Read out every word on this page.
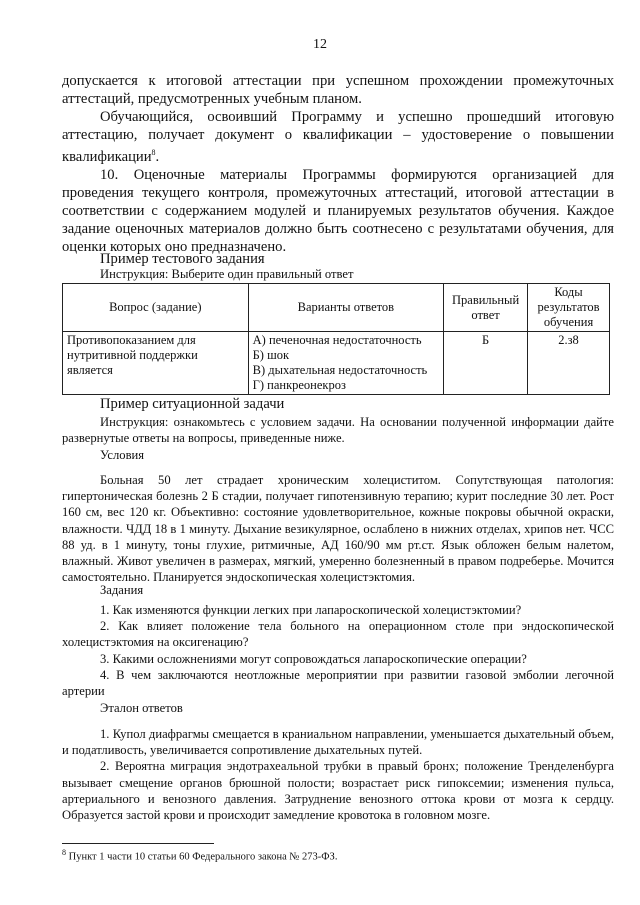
12

допускается к итоговой аттестации при успешном прохождении промежуточных аттестаций, предусмотренных учебным планом.

Обучающийся, освоивший Программу и успешно прошедший итоговую аттестацию, получает документ о квалификации – удостоверение о повышении квалификации$^8$.

10. Оценочные материалы Программы формируются организацией для проведения текущего контроля, промежуточных аттестаций, итоговой аттестации в соответствии с содержанием модулей и планируемых результатов обучения. Каждое задание оценочных материалов должно быть соотнесено с результатами обучения, для оценки которых оно предназначено.

Пример тестового задания
Инструкция: Выберите один правильный ответ
Вопрос (задание)	Варианты ответов	Правильный ответ	Коды результатов обучения
Противопоказанием для нутритивной поддержки является	А) печеночная недостаточность
Б) шок
В) дыхательная недостаточность
Г) панкреонекроз	Б	2.з8
Пример ситуационной задачи
Инструкция: ознакомьтесь с условием задачи. На основании полученной информации дайте развернутые ответы на вопросы, приведенные ниже.
Условия
Больная 50 лет страдает хроническим холециститом. Сопутствующая патология: гипертоническая болезнь 2 Б стадии, получает гипотензивную терапию; курит последние 30 лет. Рост 160 см, вес 120 кг. Объективно: состояние удовлетворительное, кожные покровы обычной окраски, влажности. ЧДД 18 в 1 минуту. Дыхание везикулярное, ослаблено в нижних отделах, хрипов нет. ЧСС 88 уд. в 1 минуту, тоны глухие, ритмичные, АД 160/90 мм рт.ст. Язык обложен белым налетом, влажный. Живот увеличен в размерах, мягкий, умеренно болезненный в правом подреберье. Мочится самостоятельно. Планируется эндоскопическая холецистэктомия.
Задания

1. Как изменяются функции легких при лапароскопической холецистэктомии?

2. Как влияет положение тела больного на операционном столе при эндоскопической холецистэктомия на оксигенацию?

3. Какими осложнениями могут сопровождаться лапароскопические операции?

4. В чем заключаются неотложные мероприятии при развитии газовой эмболии легочной артерии

Эталон ответов

1. Купол диафрагмы смещается в краниальном направлении, уменьшается дыхательный объем, и податливость, увеличивается сопротивление дыхательных путей.

2. Вероятна миграция эндотрахеальной трубки в правый бронх; положение Тренделенбурга вызывает смещение органов брюшной полости; возрастает риск гипоксемии; изменения пульса, артериального и венозного давления. Затруднение венозного оттока крови от мозга к сердцу. Образуется застой крови и происходит замедление кровотока в головном мозге.

$^8$ Пункт 1 части 10 статьи 60 Федерального закона № 273-ФЗ.
